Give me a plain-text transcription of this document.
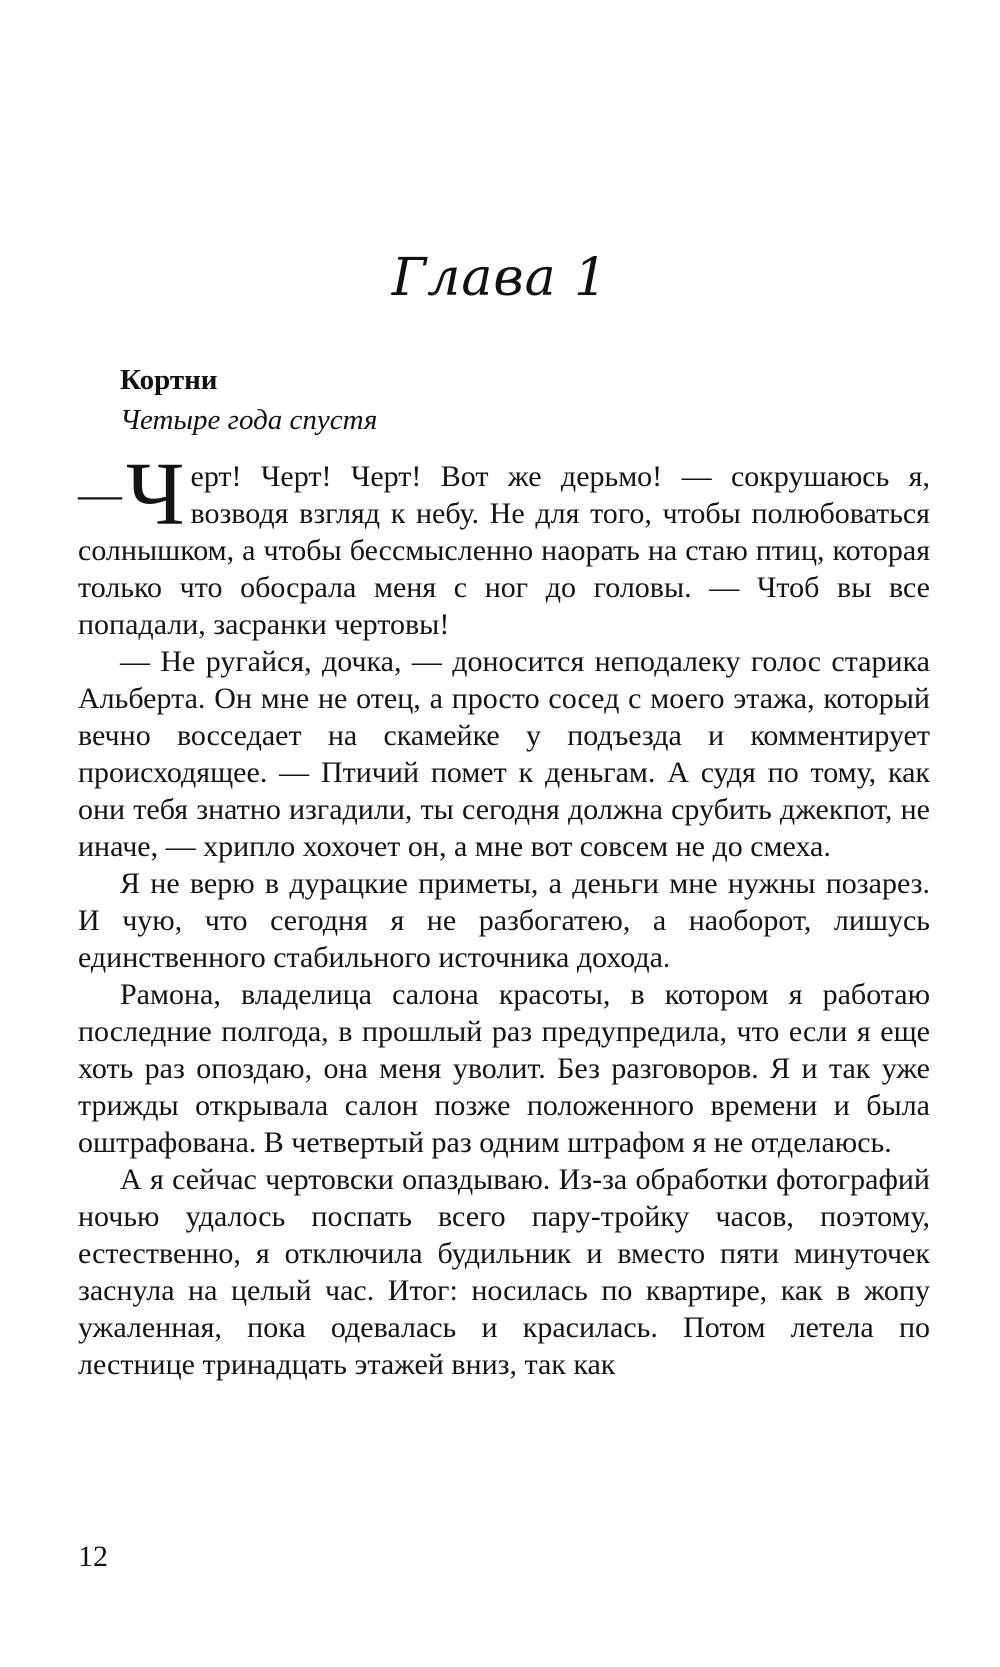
Глава 1
Кортни
Четыре года спустя

— Ч ерт! Черт! Черт! Вот же дерьмо! — сокрушаюсь я, возводя взгляд к небу. Не для того, чтобы полюбоваться солнышком, а чтобы бессмысленно наорать на стаю птиц, которая только что обосрала меня с ног до головы. — Чтоб вы все попадали, засранки чертовы!

— Не ругайся, дочка, — доносится неподалеку голос старика Альберта. Он мне не отец, а просто сосед с моего этажа, который вечно восседает на скамейке у подъезда и комментирует происходящее. — Птичий помет к деньгам. А судя по тому, как они тебя знатно изгадили, ты сегодня должна срубить джекпот, не иначе, — хрипло хохочет он, а мне вот совсем не до смеха.

Я не верю в дурацкие приметы, а деньги мне нужны позарез. И чую, что сегодня я не разбогатею, а наоборот, лишусь единственного стабильного источника дохода.

Рамона, владелица салона красоты, в котором я работаю последние полгода, в прошлый раз предупредила, что если я еще хоть раз опоздаю, она меня уволит. Без разговоров. Я и так уже трижды открывала салон позже положенного времени и была оштрафована. В четвертый раз одним штрафом я не отделаюсь.

А я сейчас чертовски опаздываю. Из-за обработки фотографий ночью удалось поспать всего пару-тройку часов, поэтому, естественно, я отключила будильник и вместо пяти минуточек заснула на целый час. Итог: носилась по квартире, как в жопу ужаленная, пока одевалась и красилась. Потом летела по лестнице тринадцать этажей вниз, так как

12
